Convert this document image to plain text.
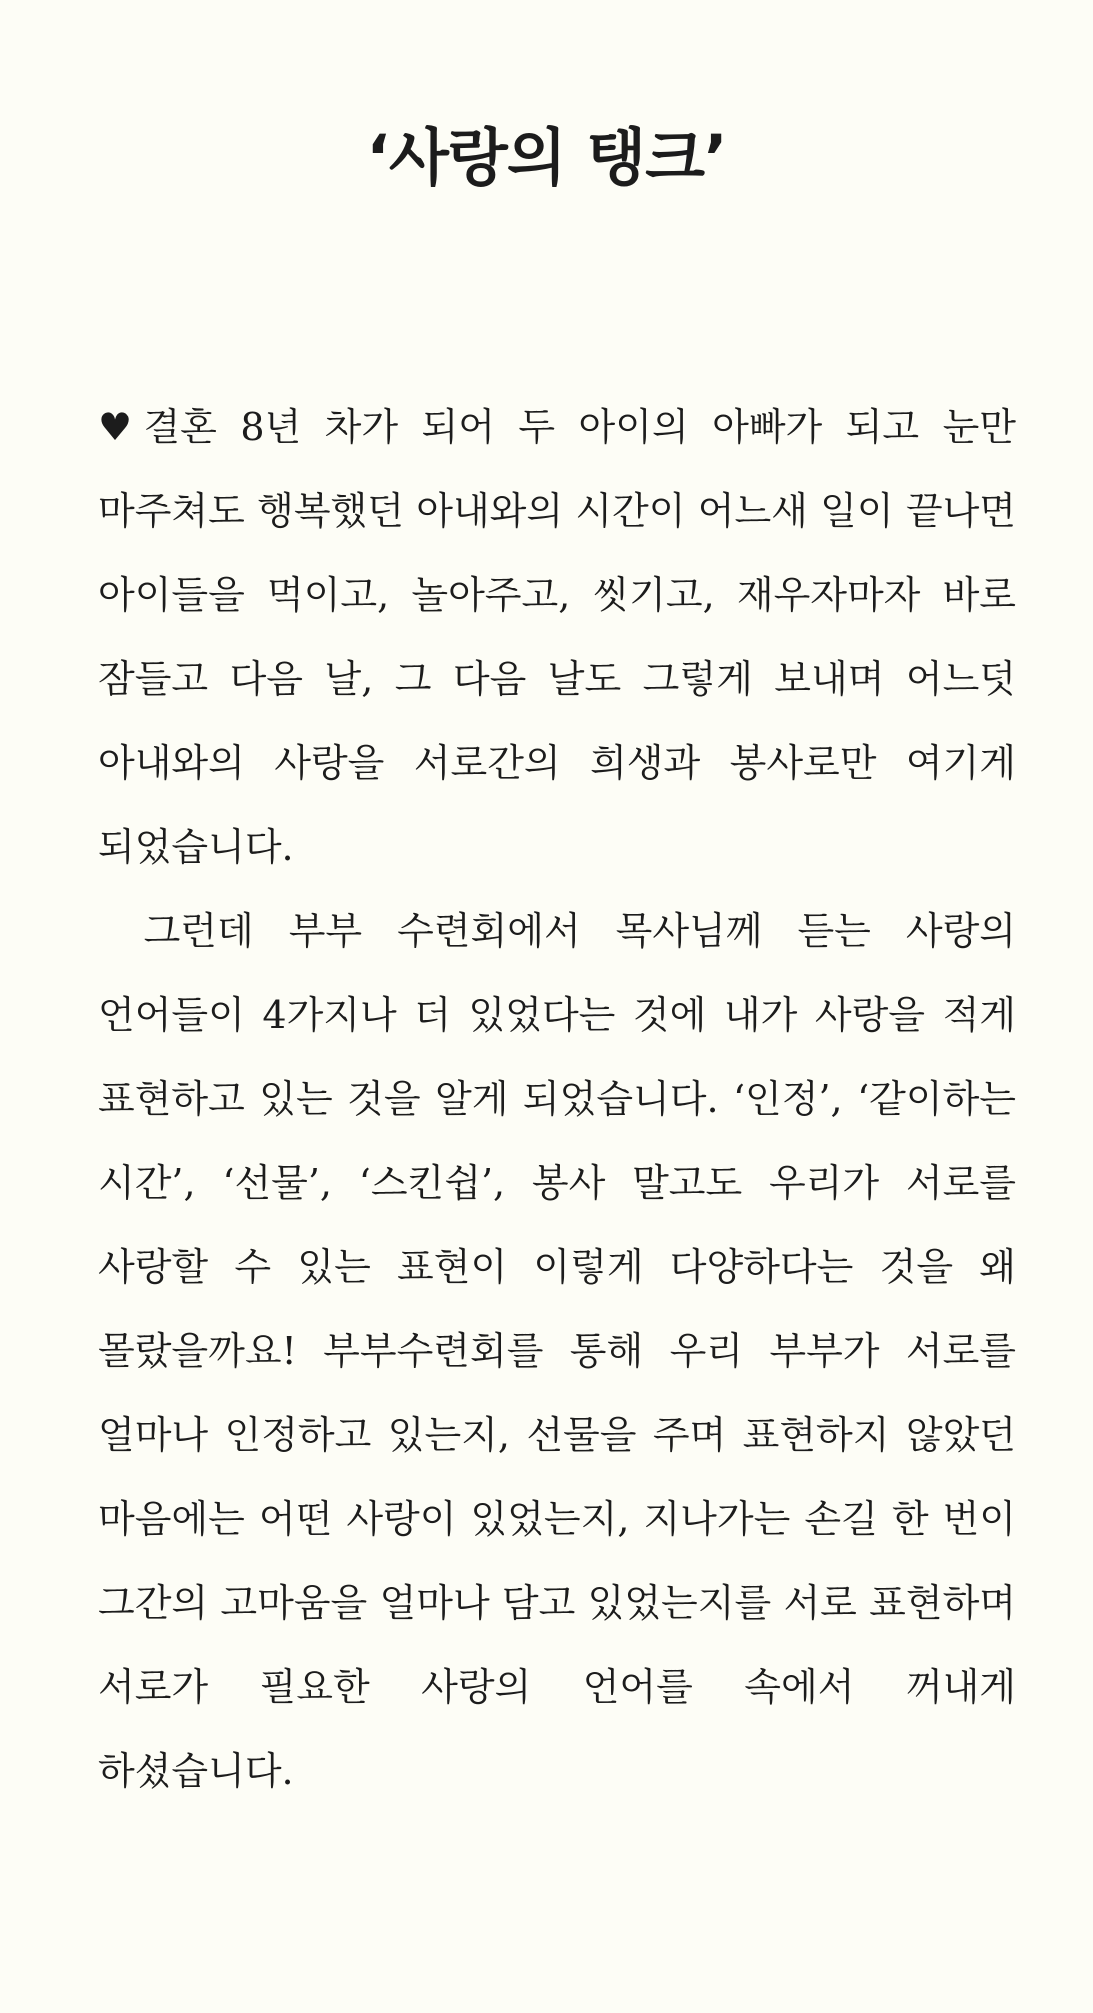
‘사랑의 탱크’

♥결혼 8년 차가 되어 두 아이의 아빠가 되고 눈만 마주쳐도 행복했던 아내와의 시간이 어느새 일이 끝나면 아이들을 먹이고, 놀아주고, 씻기고, 재우자마자 바로 잠들고 다음 날, 그 다음 날도 그렇게 보내며 어느덧 아내와의 사랑을 서로간의 희생과 봉사로만 여기게 되었습니다.

그런데 부부 수련회에서 목사님께 듣는 사랑의 언어들이 4가지나 더 있었다는 것에 내가 사랑을 적게 표현하고 있는 것을 알게 되었습니다. ‘인정’, ‘같이하는 시간’, ‘선물’, ‘스킨쉽’, 봉사 말고도 우리가 서로를 사랑할 수 있는 표현이 이렇게 다양하다는 것을 왜 몰랐을까요! 부부수련회를 통해 우리 부부가 서로를 얼마나 인정하고 있는지, 선물을 주며 표현하지 않았던 마음에는 어떤 사랑이 있었는지, 지나가는 손길 한 번이 그간의 고마움을 얼마나 담고 있었는지를 서로 표현하며 서로가 필요한 사랑의 언어를 속에서 꺼내게 하셨습니다.
